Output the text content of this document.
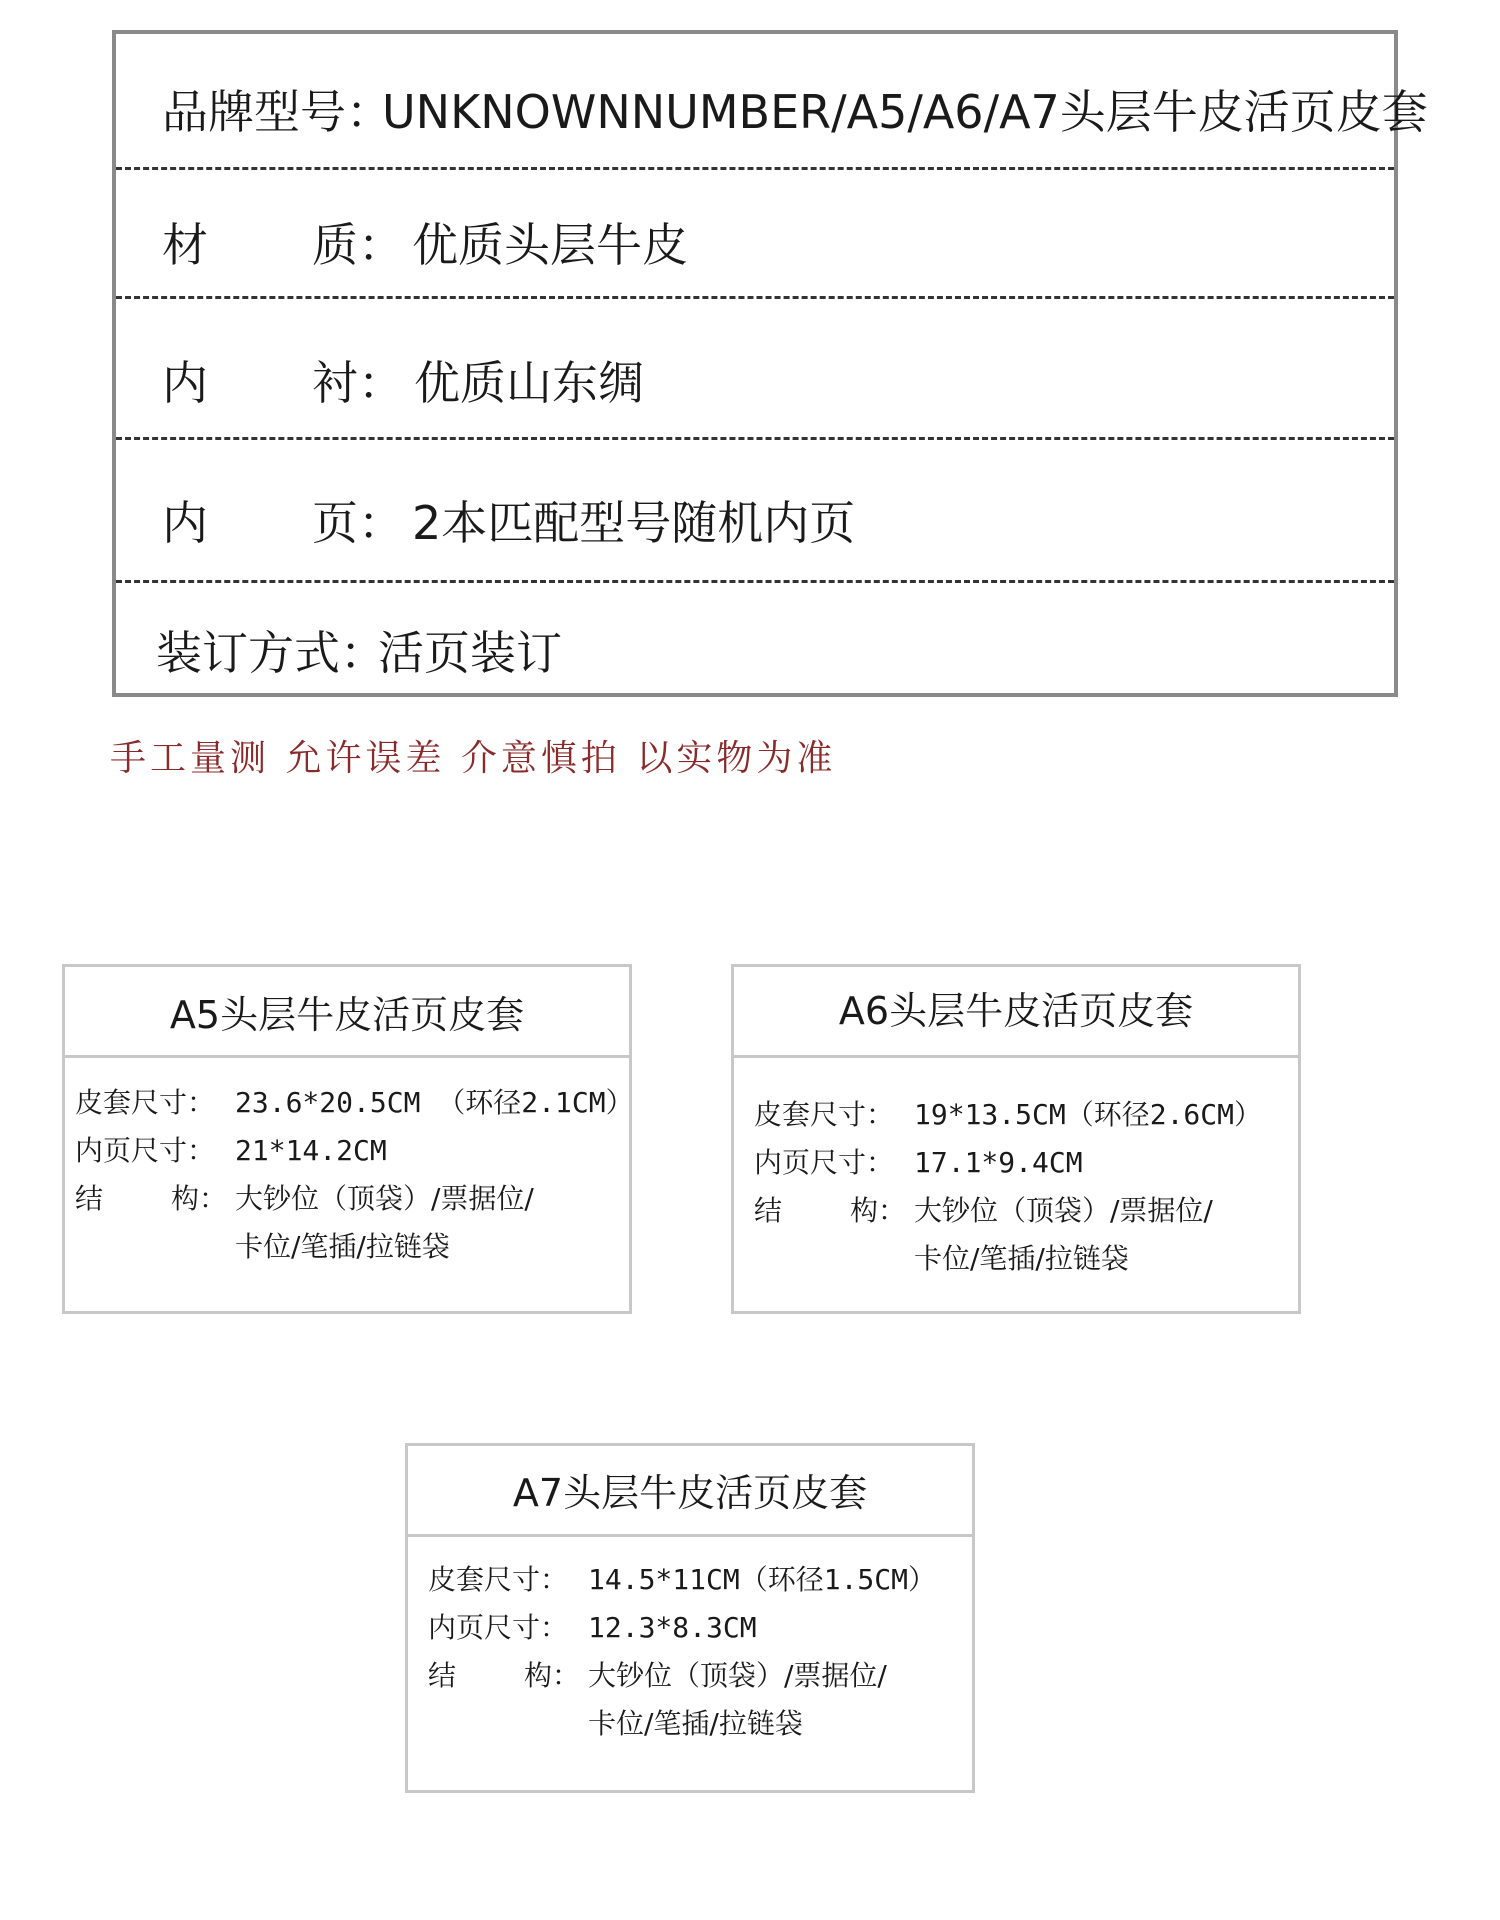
品牌型号：
UNKNOWNNUMBER/A5/A6/A7头层牛皮活页皮套
材 质： 优质头层牛皮
内 衬： 优质山东绸
内 页： 2本匹配型号随机内页
装订方式：
活页装订
手工量测 允许误差 介意慎拍 以实物为准
A5头层牛皮活页皮套
皮套尺寸： 23.6*20.5CM （环径2.1CM）
内页尺寸： 21*14.2CM
结 构： 大钞位（顶袋）/票据位/
卡位/笔插/拉链袋
A6头层牛皮活页皮套
皮套尺寸： 19*13.5CM（环径2.6CM）
内页尺寸： 17.1*9.4CM
结 构： 大钞位（顶袋）/票据位/
卡位/笔插/拉链袋
A7头层牛皮活页皮套
皮套尺寸： 14.5*11CM（环径1.5CM）
内页尺寸： 12.3*8.3CM
结 构： 大钞位（顶袋）/票据位/
卡位/笔插/拉链袋
